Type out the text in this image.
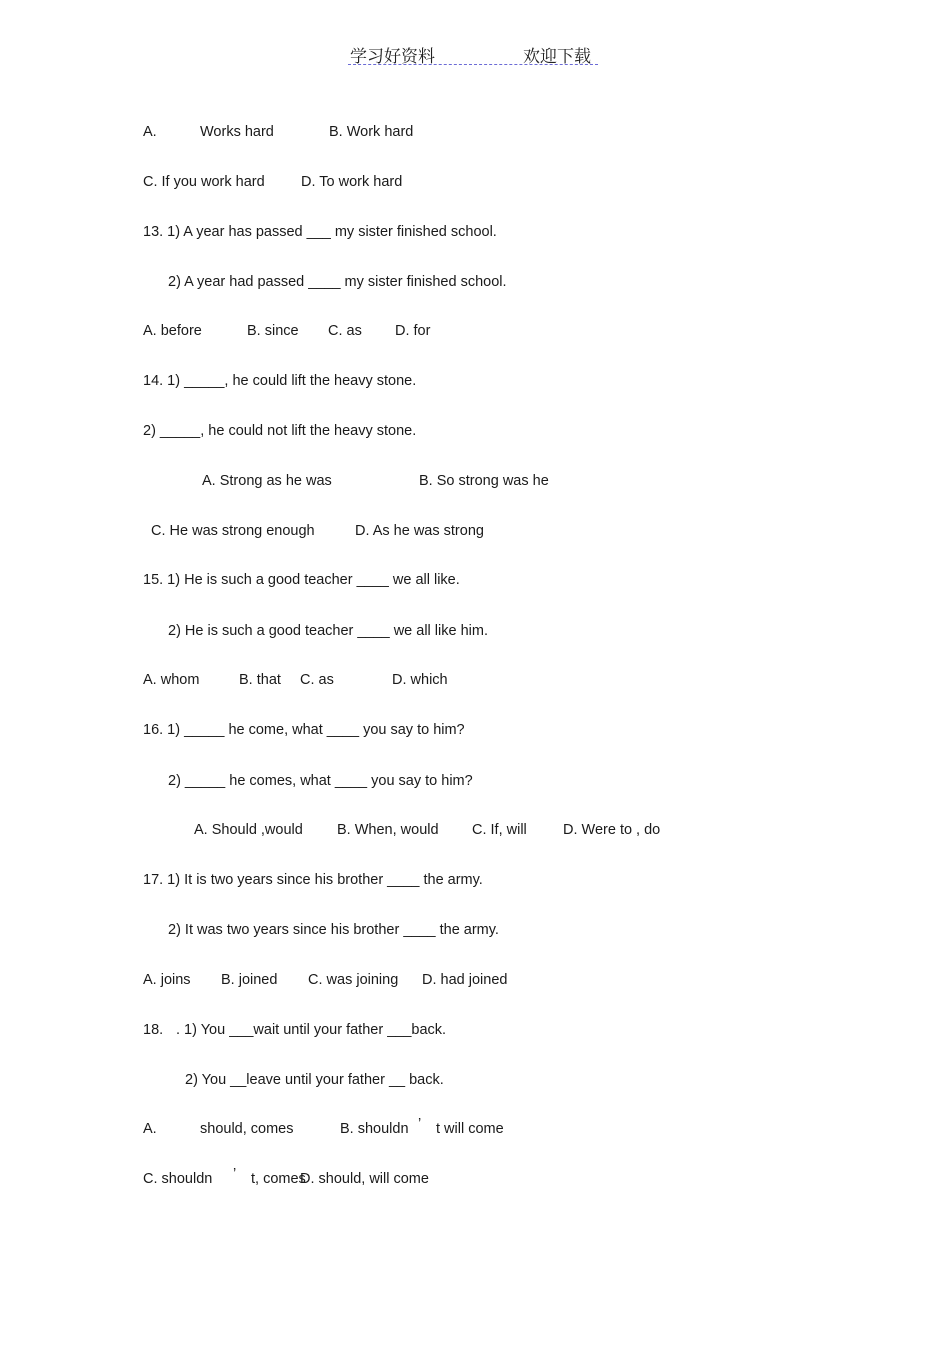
学习好资料	欢迎下载
A.	Works hard	B. Work hard
C. If you work hard	D. To work hard
13. 1) A year has passed ___ my sister finished school.
2) A year had passed ____ my sister finished school.
A. before	B. since C. as D. for
14. 1) _____, he could lift the heavy stone.
2) _____, he could not lift the heavy stone.
A. Strong as he was	B. So strong was he
C. He was strong enough	D. As he was strong
15. 1) He is such a good teacher ____ we all like.
2) He is such a good teacher ____ we all like him.
A. whom	B. that C. as	D. which
16. 1) _____ he come, what ____ you say to him?
2) _____ he comes, what ____ you say to him?
A. Should ,would B. When, would C. If, will D. Were to , do
17. 1) It is two years since his brother ____ the army.
2) It was two years since his brother ____ the army.
A. joins B. joined C. was joining D. had joined
18. . 1) You ___wait until your father ___back.
2) You __leave until your father __ back.
A.	should, comes	B. shouldn ’ t will come
C. shouldn ’ t, comes
D. should, will come
